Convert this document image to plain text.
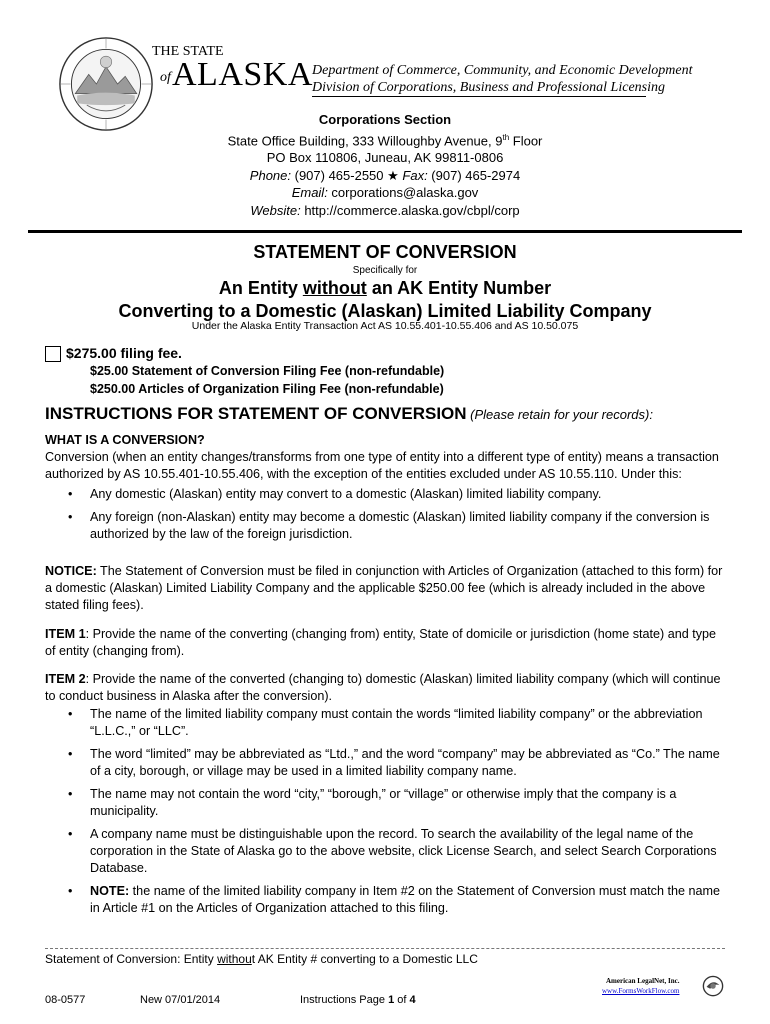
THE STATE
of ALASKA Department of Commerce, Community, and Economic Development
Division of Corporations, Business and Professional Licensing
Corporations Section
State Office Building, 333 Willoughby Avenue, 9th Floor
PO Box 110806, Juneau, AK 99811-0806
Phone: (907) 465-2550 ★ Fax: (907) 465-2974
Email: corporations@alaska.gov
Website: http://commerce.alaska.gov/cbpl/corp
STATEMENT OF CONVERSION
Specifically for
An Entity without an AK Entity Number
Converting to a Domestic (Alaskan) Limited Liability Company
Under the Alaska Entity Transaction Act AS 10.55.401-10.55.406 and AS 10.50.075
$275.00 filing fee.
$25.00 Statement of Conversion Filing Fee (non-refundable)
$250.00 Articles of Organization Filing Fee (non-refundable)
INSTRUCTIONS FOR STATEMENT OF CONVERSION (Please retain for your records):

WHAT IS A CONVERSION?

Conversion (when an entity changes/transforms from one type of entity into a different type of entity) means a transaction authorized by AS 10.55.401-10.55.406, with the exception of the entities excluded under AS 10.55.110. Under this:

• Any domestic (Alaskan) entity may convert to a domestic (Alaskan) limited liability company.
• Any foreign (non-Alaskan) entity may become a domestic (Alaskan) limited liability company if the conversion is authorized by the law of the foreign jurisdiction.

NOTICE: The Statement of Conversion must be filed in conjunction with Articles of Organization (attached to this form) for a domestic (Alaskan) Limited Liability Company and the applicable $250.00 fee (which is already included in the above stated filing fees).

ITEM 1: Provide the name of the converting (changing from) entity, State of domicile or jurisdiction (home state) and type of entity (changing from).

ITEM 2: Provide the name of the converted (changing to) domestic (Alaskan) limited liability company (which will continue to conduct business in Alaska after the conversion).

• The name of the limited liability company must contain the words “limited liability company” or the abbreviation “L.L.C.,” or “LLC”.
• The word “limited” may be abbreviated as “Ltd.,” and the word “company” may be abbreviated as “Co.” The name of a city, borough, or village may be used in a limited liability company name.
• The name may not contain the word “city,” “borough,” or “village” or otherwise imply that the company is a municipality.
• A company name must be distinguishable upon the record. To search the availability of the legal name of the corporation in the State of Alaska go to the above website, click License Search, and select Search Corporations Database.
• NOTE: the name of the limited liability company in Item #2 on the Statement of Conversion must match the name in Article #1 on the Articles of Organization attached to this filing.
Statement of Conversion: Entity without AK Entity # converting to a Domestic LLC
08-0577	New 07/01/2014	Instructions Page 1 of 4
American LegalNet, Inc.
www.FormsWorkFlow.com
